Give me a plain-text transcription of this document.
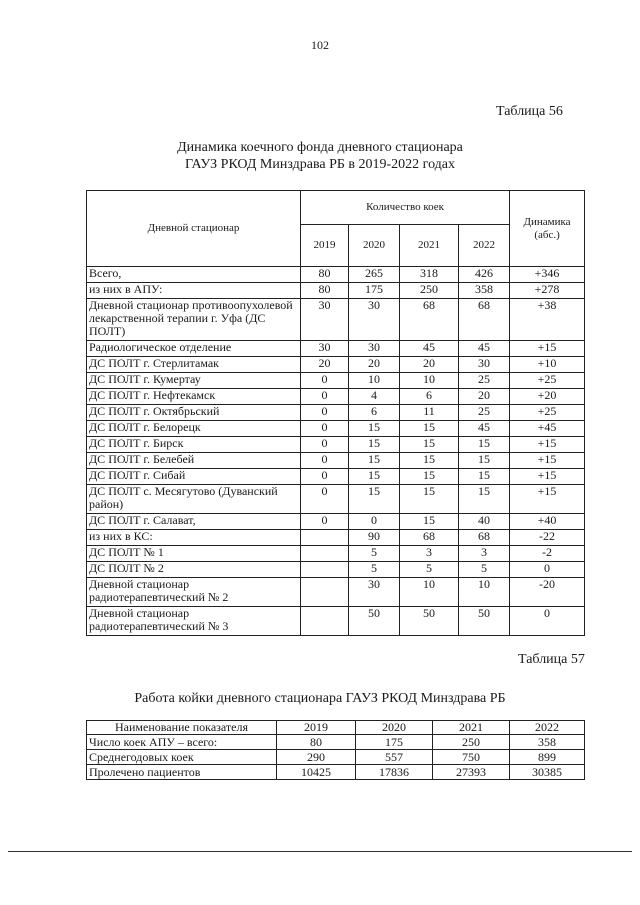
102
Таблица 56
Динамика коечного фонда дневного стационара
ГАУЗ РКОД Минздрава РБ в 2019-2022 годах
Дневной стационар	Количество коек				Динамика (абс.)
	2019	2020	2021	2022	
Всего,	80	265	318	426	+346
из них в АПУ:	80	175	250	358	+278
Дневной стационар противоопухолевой лекарственной терапии г. Уфа (ДС ПОЛТ)	30	30	68	68	+38
Радиологическое отделение	30	30	45	45	+15
ДС ПОЛТ г. Стерлитамак	20	20	20	30	+10
ДС ПОЛТ г. Кумертау	0	10	10	25	+25
ДС ПОЛТ г. Нефтекамск	0	4	6	20	+20
ДС ПОЛТ г. Октябрьский	0	6	11	25	+25
ДС ПОЛТ г. Белорецк	0	15	15	45	+45
ДС ПОЛТ г. Бирск	0	15	15	15	+15
ДС ПОЛТ г. Белебей	0	15	15	15	+15
ДС ПОЛТ г. Сибай	0	15	15	15	+15
ДС ПОЛТ с. Месягутово (Дуванский район)	0	15	15	15	+15
ДС ПОЛТ г. Салават,	0	0	15	40	+40
из них в КС:		90	68	68	-22
ДС ПОЛТ № 1		5	3	3	-2
ДС ПОЛТ № 2		5	5	5	0
Дневной стационар радиотерапевтический № 2		30	10	10	-20
Дневной стационар радиотерапевтический № 3		50	50	50	0
Таблица 57
Работа койки дневного стационара ГАУЗ РКОД Минздрава РБ
Наименование показателя	2019	2020	2021	2022
Число коек АПУ – всего:	80	175	250	358
Среднегодовых коек	290	557	750	899
Пролечено пациентов	10425	17836	27393	30385
